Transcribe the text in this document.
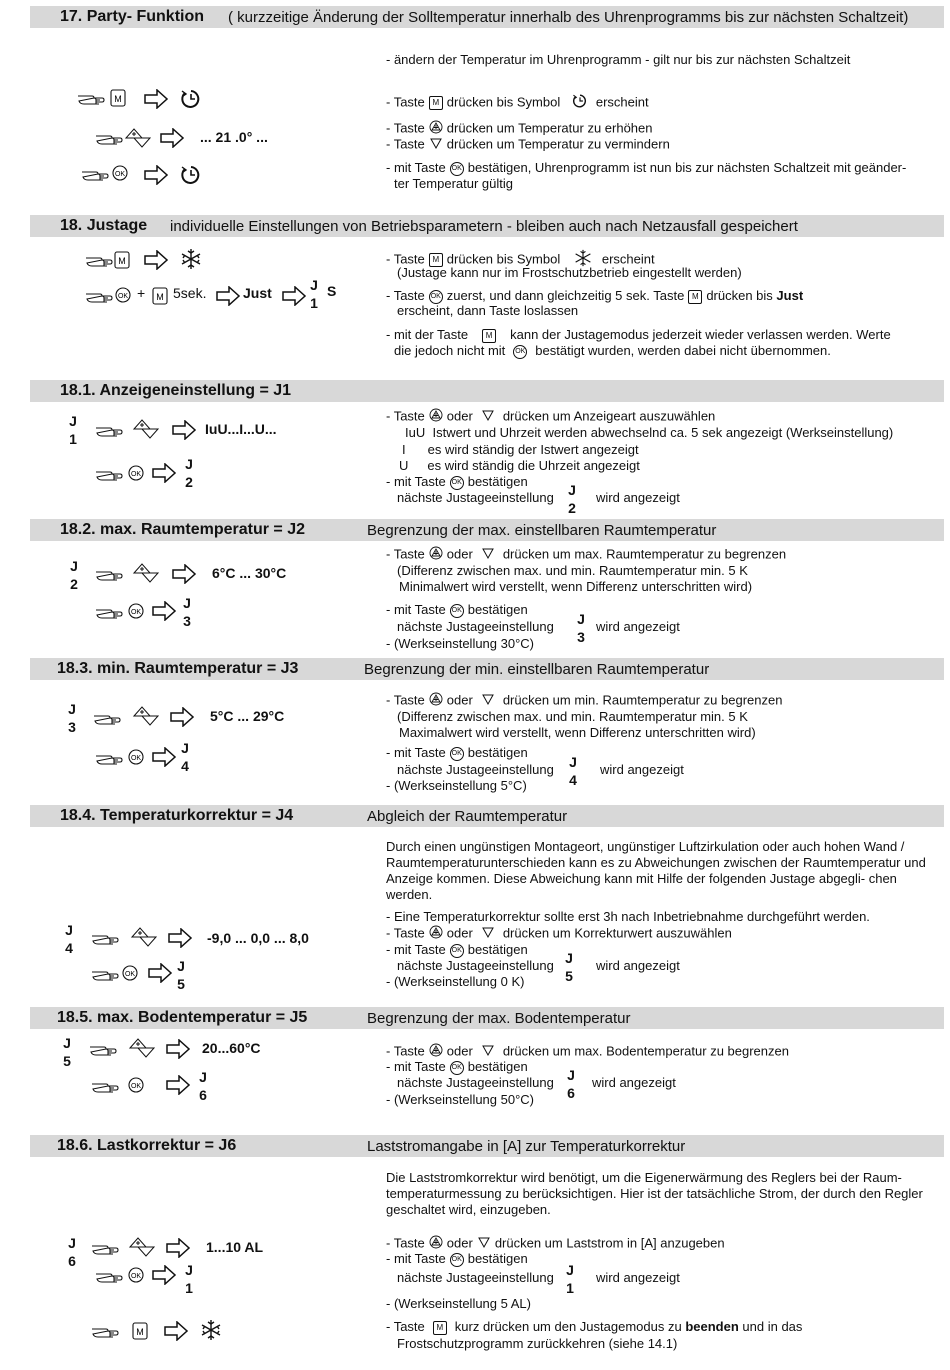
17. Party- Funktion ( kurzzeitige Änderung der Solltemperatur innerhalb des Uhrenprogramms bis zur nächsten Schaltzeit)
- ändern der Temperatur im Uhrenprogramm - gilt nur bis zur nächsten Schaltzeit
M
... 21 .0° ...
OK
- Taste M drücken bis Symbol	erscheint
- Taste drücken um Temperatur zu erhöhen
- Taste drücken um Temperatur zu vermindern
- mit Taste OK bestätigen, Uhrenprogramm ist nun bis zur nächsten Schaltzeit mit geänder-
ter Temperatur gültig
18. Justage individuelle Einstellungen von Betriebsparametern - bleiben auch nach Netzausfall gespeichert
M
OK + M 5sek.	Just	J
1
S
- Taste M drücken bis Symbol	erscheint
(Justage kann nur im Frostschutzbetrieb eingestellt werden)
- Taste OK zuerst, und dann gleichzeitig 5 sek. Taste M drücken bis Just
erscheint, dann Taste loslassen
- mit der Taste M kann der Justagemodus jederzeit wieder verlassen werden. Werte
die jedoch nicht mit OK bestätigt wurden, werden dabei nicht übernommen.
18.1. Anzeigeneinstellung = J1
J
1
IuU...I...U...
OK
J
2
- Taste oder drücken um Anzeigeart auszuwählen
IuU Istwert und Uhrzeit werden abwechselnd ca. 5 sek angezeigt (Werkseinstellung)
I es wird ständig der Istwert angezeigt
U es wird ständig die Uhrzeit angezeigt
- mit Taste OK bestätigen
nächste Justageeinstellung J
2
wird angezeigt
18.2. max. Raumtemperatur = J2	Begrenzung der max. einstellbaren Raumtemperatur
J
2
6°C ... 30°C
OK
J
3
- Taste oder drücken um max. Raumtemperatur zu begrenzen
(Differenz zwischen max. und min. Raumtemperatur min. 5 K
Minimalwert wird verstellt, wenn Differenz unterschritten wird)
- mit Taste OK bestätigen
nächste Justageeinstellung J
3
wird angezeigt
- (Werkseinstellung 30°C)
18.3. min. Raumtemperatur = J3	Begrenzung der min. einstellbaren Raumtemperatur
J
3
5°C ... 29°C
OK
J
4
- Taste oder drücken um min. Raumtemperatur zu begrenzen
(Differenz zwischen max. und min. Raumtemperatur min. 5 K
Maximalwert wird verstellt, wenn Differenz unterschritten wird)
- mit Taste OK bestätigen
nächste Justageeinstellung J
4
wird angezeigt
- (Werkseinstellung 5°C)
18.4. Temperaturkorrektur = J4	Abgleich der Raumtemperatur
Durch einen ungünstigen Montageort, ungünstiger Luftzirkulation oder auch hohen Wand / Raumtemperaturunterschieden kann es zu Abweichungen zwischen der Raumtemperatur und Anzeige kommen. Diese Abweichung kann mit Hilfe der folgenden Justage abgegli- chen werden.
- Eine Temperaturkorrektur sollte erst 3h nach Inbetriebnahme durchgeführt werden.
- Taste oder drücken um Korrekturwert auszuwählen
- mit Taste OK bestätigen
nächste Justageeinstellung J
5
wird angezeigt
- (Werkseinstellung 0 K)
J
4
-9,0 ... 0,0 ... 8,0
OK
J
5
18.5. max. Bodentemperatur = J5	Begrenzung der max. Bodentemperatur
J
5
20...60°C
OK
J
6
- Taste oder drücken um max. Bodentemperatur zu begrenzen
- mit Taste OK bestätigen
nächste Justageeinstellung J
6
wird angezeigt
- (Werkseinstellung 50°C)
18.6. Lastkorrektur = J6	Laststromangabe in [A] zur Temperaturkorrektur
Die Laststromkorrektur wird benötigt, um die Eigenerwärmung des Reglers bei der Raum- temperaturmessung zu berücksichtigen. Hier ist der tatsächliche Strom, der durch den Regler geschaltet wird, einzugeben.
J
6
1...10 AL
OK	J
1
M
- Taste oder drücken um Laststrom in [A] anzugeben
- mit Taste OK bestätigen
nächste Justageeinstellung J
1
wird angezeigt
- (Werkseinstellung 5 AL)
- Taste M kurz drücken um den Justagemodus zu beenden und in das
Frostschutzprogramm zurückkehren (siehe 14.1)
